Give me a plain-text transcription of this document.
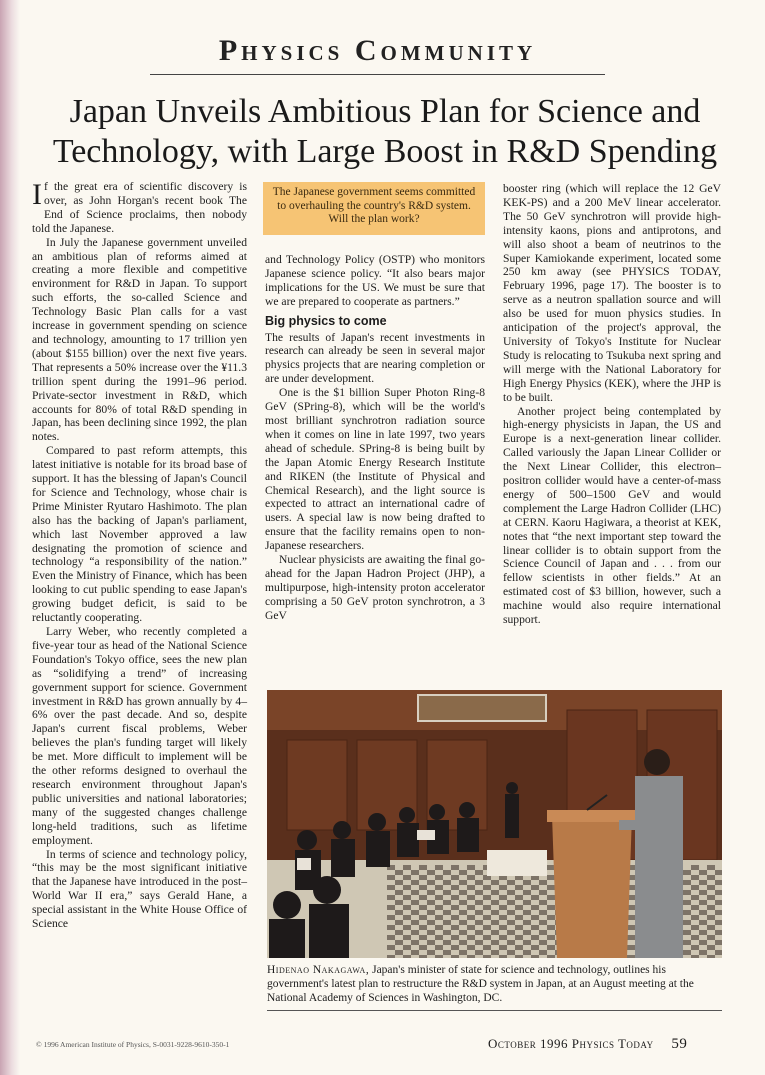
Physics Community
Japan Unveils Ambitious Plan for Science and Technology, with Large Boost in R&D Spending

If the great era of scientific discovery is over, as John Horgan's recent book The End of Science proclaims, then nobody told the Japanese.

In July the Japanese government unveiled an ambitious plan of reforms aimed at creating a more flexible and competitive environment for R&D in Japan. To support such efforts, the so-called Science and Technology Basic Plan calls for a vast increase in government spending on science and technology, amounting to 17 trillion yen (about $155 billion) over the next five years. That represents a 50% increase over the ¥11.3 trillion spent during the 1991–96 period. Private-sector investment in R&D, which accounts for 80% of total R&D spending in Japan, has been declining since 1992, the plan notes.

Compared to past reform attempts, this latest initiative is notable for its broad base of support. It has the blessing of Japan's Council for Science and Technology, whose chair is Prime Minister Ryutaro Hashimoto. The plan also has the backing of Japan's parliament, which last November approved a law designating the promotion of science and technology “a responsibility of the nation.” Even the Ministry of Finance, which has been looking to cut public spending to ease Japan's growing budget deficit, is said to be reluctantly cooperating.

Larry Weber, who recently completed a five-year tour as head of the National Science Foundation's Tokyo office, sees the new plan as “solidifying a trend” of increasing government support for science. Government investment in R&D has grown annually by 4–6% over the past decade. And so, despite Japan's current fiscal problems, Weber believes the plan's funding target will likely be met. More difficult to implement will be the other reforms designed to overhaul the research environment throughout Japan's public universities and national laboratories; many of the suggested changes challenge long-held traditions, such as lifetime employment.

In terms of science and technology policy, “this may be the most significant initiative that the Japanese have introduced in the post–World War II era,” says Gerald Hane, a special assistant in the White House Office of Science

The Japanese government seems committed to overhauling the country's R&D system. Will the plan work?

and Technology Policy (OSTP) who monitors Japanese science policy. “It also bears major implications for the US. We must be sure that we are prepared to cooperate as partners.”

Big physics to come

The results of Japan's recent investments in research can already be seen in several major physics projects that are nearing completion or are under development.

One is the $1 billion Super Photon Ring-8 GeV (SPring-8), which will be the world's most brilliant synchrotron radiation source when it comes on line in late 1997, two years ahead of schedule. SPring-8 is being built by the Japan Atomic Energy Research Institute and RIKEN (the Institute of Physical and Chemical Research), and the light source is expected to attract an international cadre of users. A special law is now being drafted to ensure that the facility remains open to non-Japanese researchers.

Nuclear physicists are awaiting the final go-ahead for the Japan Hadron Project (JHP), a multipurpose, high-intensity proton accelerator comprising a 50 GeV proton synchrotron, a 3 GeV

booster ring (which will replace the 12 GeV KEK-PS) and a 200 MeV linear accelerator. The 50 GeV synchrotron will provide high-intensity kaons, pions and antiprotons, and will also shoot a beam of neutrinos to the Super Kamiokande experiment, located some 250 km away (see PHYSICS TODAY, February 1996, page 17). The booster is to serve as a neutron spallation source and will also be used for muon physics studies. In anticipation of the project's approval, the University of Tokyo's Institute for Nuclear Study is relocating to Tsukuba next spring and will merge with the National Laboratory for High Energy Physics (KEK), where the JHP is to be built.

Another project being contemplated by high-energy physicists in Japan, the US and Europe is a next-generation linear collider. Called variously the Japan Linear Collider or the Next Linear Collider, this electron–positron collider would have a center-of-mass energy of 500–1500 GeV and would complement the Large Hadron Collider (LHC) at CERN. Kaoru Hagiwara, a theorist at KEK, notes that “the next important step toward the linear collider is to obtain support from the Science Council of Japan and . . . from our fellow scientists in other fields.” At an estimated cost of $3 billion, however, such a machine would also require international support.

Hidenao Nakagawa, Japan's minister of state for science and technology, outlines his government's latest plan to restructure the R&D system in Japan, at an August meeting at the National Academy of Sciences in Washington, DC.
© 1996 American Institute of Physics, S-0031-9228-9610-350-1	October 1996 Physics Today 59
